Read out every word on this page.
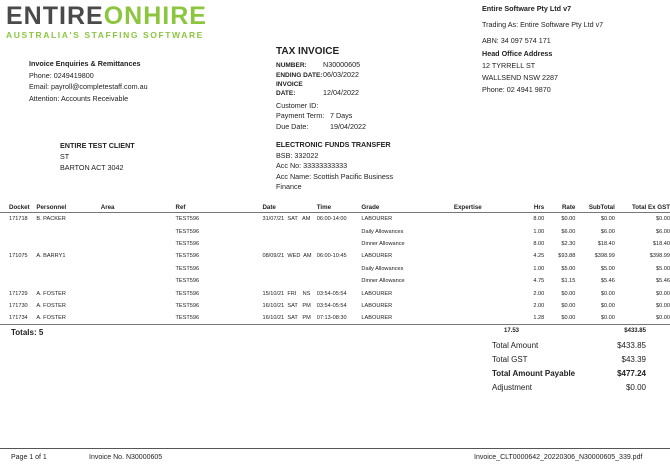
ENTIREONHIRE
AUSTRALIA'S STAFFING SOFTWARE
Entire Software Pty Ltd v7
Trading As: Entire Software Pty Ltd v7
ABN: 34 097 574 171
Head Office Address
12 TYRRELL ST
WALLSEND NSW 2287
Phone: 02 4941 9870
Invoice Enquiries & Remittances
Phone: 0249419800
Email: payroll@completestaff.com.au
Attention: Accounts Receivable
TAX INVOICE
NUMBER: N30000605
ENDING DATE:06/03/2022
INVOICE DATE:	12/04/2022
Customer ID:
Payment Term: 7 Days
Due Date:	19/04/2022
ENTIRE TEST CLIENT
ST
BARTON ACT 3042
ELECTRONIC FUNDS TRANSFER
BSB: 332022
Acc No: 33333333333
Acc Name: Scottish Pacific Business
Finance
Docket	Personnel	Area	Ref	Date	Time	Grade	Expertise	Hrs	Rate	SubTotal	Total Ex GST
171718	B. PACKER		TEST596	31/07/21  SAT   AM	06:00-14:00	LABOURER		8.00	$0.00	$0.00	$0.00
			TEST596			Daily Allowances		1.00	$6.00	$6.00	$6.00
			TEST596			Dinner Allowance		8.00	$2.30	$18.40	$18.40
171075	A. BARRY1		TEST596	08/09/21  WED  AM	06:00-10:45	LABOURER		4.25	$93.88	$398.99	$398.99
			TEST596			Daily Allowances		1.00	$5.00	$5.00	$5.00
			TEST596			Dinner Allowance		4.75	$1.15	$5.46	$5.46
171729	A. FOSTER		TEST596	15/10/21  FRI    NS	03:54-05:54	LABOURER		2.00	$0.00	$0.00	$0.00
171730	A. FOSTER		TEST596	16/10/21  SAT   PM	03:54-05:54	LABOURER		2.00	$0.00	$0.00	$0.00
171734	A. FOSTER		TEST596	16/10/21  SAT   PM	07:13-08:30	LABOURER		1.28	$0.00	$0.00	$0.00
Totals: 5	17.53	$433.85
Total Amount	$433.85
Total GST	$43.39
Total Amount Payable	$477.24
Adjustment	$0.00
Page 1 of 1	Invoice No. N30000605	Invoice_CLT0000642_20220306_N30000605_339.pdf
